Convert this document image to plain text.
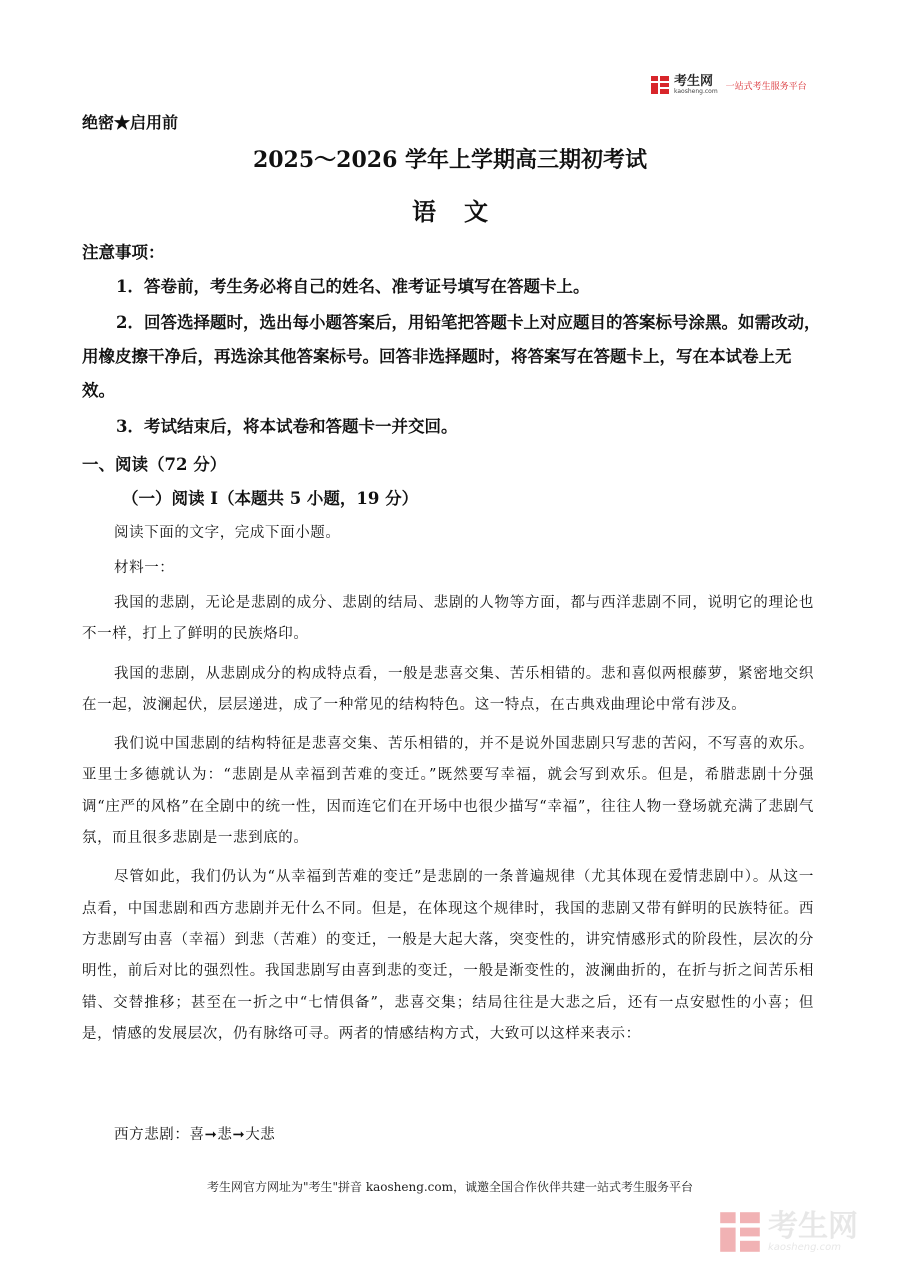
考生网
kaosheng.com 一站式考生服务平台
绝密★启用前
2025～2026 学年上学期高三期初考试
语文
注意事项：
1．答卷前，考生务必将自己的姓名、准考证号填写在答题卡上。
2．回答选择题时，选出每小题答案后，用铅笔把答题卡上对应题目的答案标号涂黑。如需改动，用橡皮擦干净后，再选涂其他答案标号。回答非选择题时，将答案写在答题卡上，写在本试卷上无效。
3．考试结束后，将本试卷和答题卡一并交回。
一、阅读（72 分）
（一）阅读 Ⅰ（本题共 5 小题，19 分）

阅读下面的文字，完成下面小题。

材料一：

我国的悲剧，无论是悲剧的成分、悲剧的结局、悲剧的人物等方面，都与西洋悲剧不同，说明它的理论也不一样，打上了鲜明的民族烙印。

我国的悲剧，从悲剧成分的构成特点看，一般是悲喜交集、苦乐相错的。悲和喜似两根藤萝，紧密地交织在一起，波澜起伏，层层递进，成了一种常见的结构特色。这一特点，在古典戏曲理论中常有涉及。

我们说中国悲剧的结构特征是悲喜交集、苦乐相错的，并不是说外国悲剧只写悲的苦闷，不写喜的欢乐。亚里士多德就认为：“悲剧是从幸福到苦难的变迁。”既然要写幸福，就会写到欢乐。但是，希腊悲剧十分强调“庄严的风格”在全剧中的统一性，因而连它们在开场中也很少描写“幸福”，往往人物一登场就充满了悲剧气氛，而且很多悲剧是一悲到底的。

尽管如此，我们仍认为“从幸福到苦难的变迁”是悲剧的一条普遍规律（尤其体现在爱情悲剧中）。从这一点看，中国悲剧和西方悲剧并无什么不同。但是，在体现这个规律时，我国的悲剧又带有鲜明的民族特征。西方悲剧写由喜（幸福）到悲（苦难）的变迁，一般是大起大落，突变性的，讲究情感形式的阶段性，层次的分明性，前后对比的强烈性。我国悲剧写由喜到悲的变迁，一般是渐变性的，波澜曲折的，在折与折之间苦乐相错、交替推移；甚至在一折之中“七情俱备”，悲喜交集；结局往往是大悲之后，还有一点安慰性的小喜；但是，情感的发展层次，仍有脉络可寻。两者的情感结构方式，大致可以这样来表示：

西方悲剧：喜➞悲➞大悲

考生网官方网址为"考生"拼音 kaosheng.com，诚邀全国合作伙伴共建一站式考生服务平台
考生网
kaosheng.com
